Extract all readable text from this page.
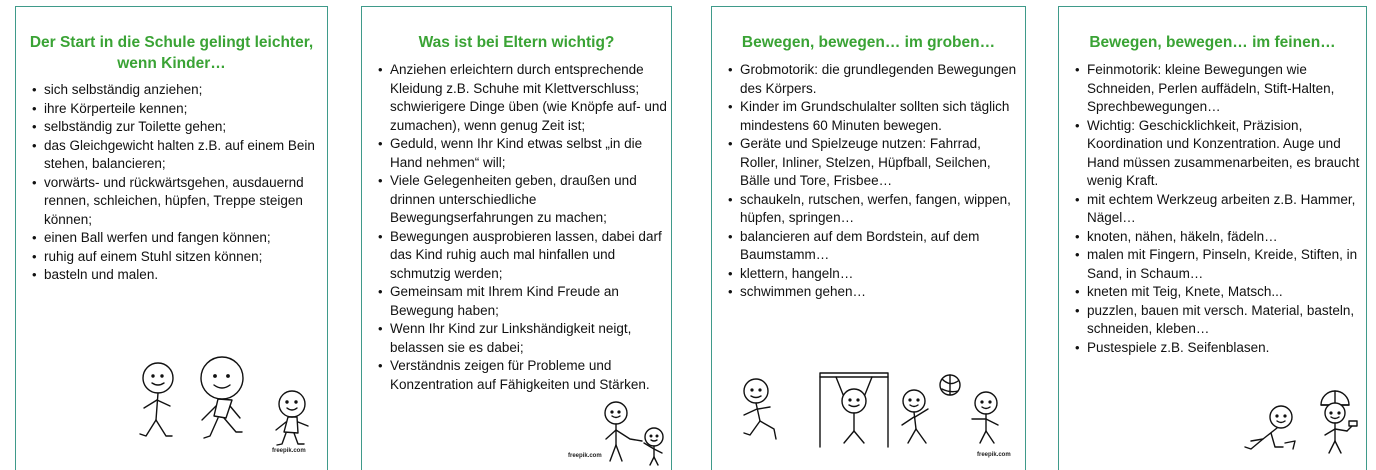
Der Start in die Schule gelingt leichter, wenn Kinder…
• sich selbständig anziehen;
• ihre Körperteile kennen;
• selbständig zur Toilette gehen;
• das Gleichgewicht halten z.B. auf einem Bein stehen, balancieren;
• vorwärts- und rückwärtsgehen, ausdauernd rennen, schleichen, hüpfen, Treppe steigen können;
• einen Ball werfen und fangen können;
• ruhig auf einem Stuhl sitzen können;
• basteln und malen.
freepik.com
Was ist bei Eltern wichtig?
• Anziehen erleichtern durch entsprechende Kleidung z.B. Schuhe mit Klettverschluss; schwierigere Dinge üben (wie Knöpfe auf- und zumachen), wenn genug Zeit ist;
• Geduld, wenn Ihr Kind etwas selbst „in die Hand nehmen“ will;
• Viele Gelegenheiten geben, draußen und drinnen unterschiedliche Bewegungserfahrungen zu machen;
• Bewegungen ausprobieren lassen, dabei darf das Kind ruhig auch mal hinfallen und schmutzig werden;
• Gemeinsam mit Ihrem Kind Freude an Bewegung haben;
• Wenn Ihr Kind zur Linkshändigkeit neigt, belassen sie es dabei;
• Verständnis zeigen für Probleme und Konzentration auf Fähigkeiten und Stärken.
freepik.com
Bewegen, bewegen… im groben…
• Grobmotorik: die grundlegenden Bewegungen des Körpers.
• Kinder im Grundschulalter sollten sich täglich mindestens 60 Minuten bewegen.
• Geräte und Spielzeuge nutzen: Fahrrad, Roller, Inliner, Stelzen, Hüpfball, Seilchen, Bälle und Tore, Frisbee…
• schaukeln, rutschen, werfen, fangen, wippen, hüpfen, springen…
• balancieren auf dem Bordstein, auf dem Baumstamm…
• klettern, hangeln…
• schwimmen gehen…
freepik.com
Bewegen, bewegen… im feinen…
• Feinmotorik: kleine Bewegungen wie Schneiden, Perlen auffädeln, Stift-Halten, Sprechbewegungen…
• Wichtig: Geschicklichkeit, Präzision, Koordination und Konzentration. Auge und Hand müssen zusammenarbeiten, es braucht wenig Kraft.
• mit echtem Werkzeug arbeiten z.B. Hammer, Nägel…
• knoten, nähen, häkeln, fädeln…
• malen mit Fingern, Pinseln, Kreide, Stiften, in Sand, in Schaum…
• kneten mit Teig, Knete, Matsch...
• puzzlen, bauen mit versch. Material, basteln, schneiden, kleben…
• Pustespiele z.B. Seifenblasen.
